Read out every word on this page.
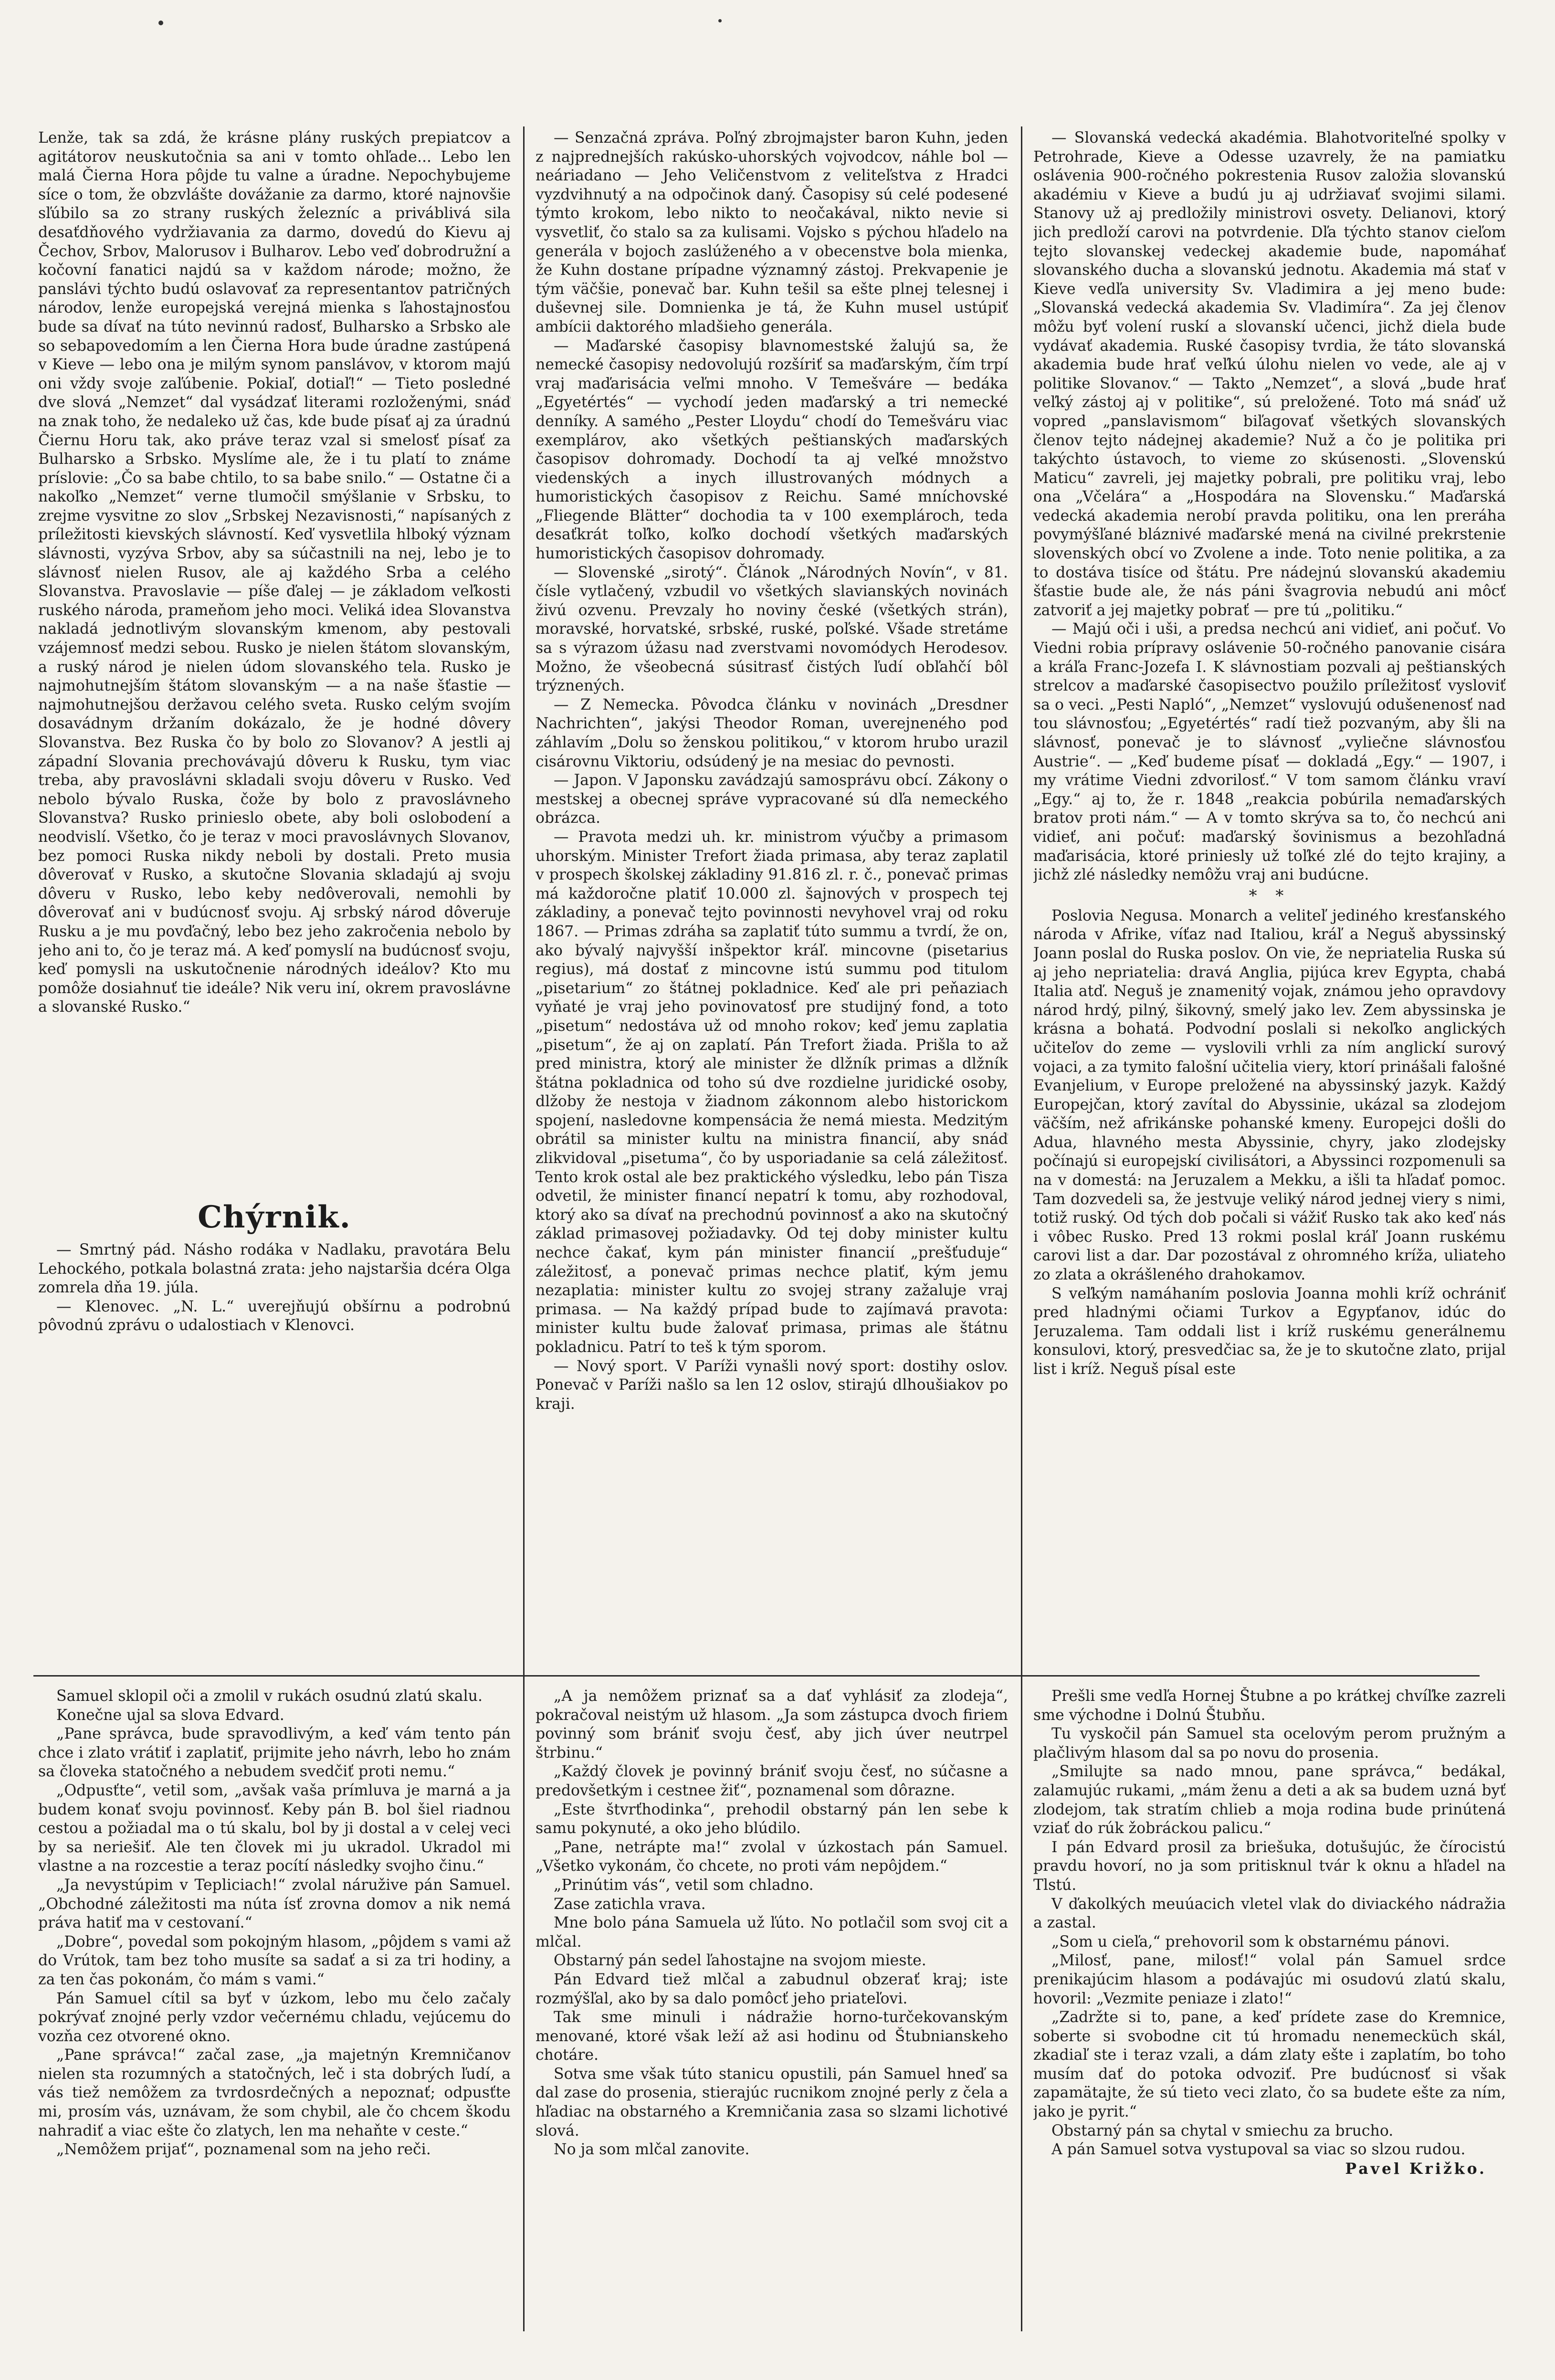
Lenže, tak sa zdá, že krásne plány ruských prepiatcov a agitátorov neuskutočnia sa ani v tomto ohľade... Lebo len malá Čierna Hora pôjde tu valne a úradne. Nepochybujeme síce o tom, že obzvlášte dovážanie za darmo, ktoré najnovšie sľúbilo sa zo strany ruských železníc a priváblivá sila desaťdňového vydržiavania za darmo, dovedú do Kievu aj Čechov, Srbov, Malorusov i Bulharov. Lebo veď dobrodružní a kočovní fanatici najdú sa v každom národe; možno, že panslávi týchto budú oslavovať za representantov patričných národov, lenže europejská verejná mienka s ľahostajnosťou bude sa dívať na túto nevinnú radosť, Bulharsko a Srbsko ale so sebapovedomím a len Čierna Hora bude úradne zastúpená v Kieve — lebo ona je milým synom panslávov, v ktorom majú oni vždy svoje zaľúbenie. Pokiaľ, dotiaľ!“ — Tieto posledné dve slová „Nemzet“ dal vysádzať literami rozloženými, snáď na znak toho, že nedaleko už čas, kde bude písať aj za úradnú Čiernu Horu tak, ako práve teraz vzal si smelosť písať za Bulharsko a Srbsko. Myslíme ale, že i tu platí to známe príslovie: „Čo sa babe chtilo, to sa babe snilo.“ — Ostatne či a nakoľko „Nemzet“ verne tlumočil smýšlanie v Srbsku, to zrejme vysvitne zo slov „Srbskej Nezavisnosti,“ napísaných z príležitosti kievských slávností. Keď vysvetlila hlboký význam slávnosti, vyzýva Srbov, aby sa súčastnili na nej, lebo je to slávnosť nielen Rusov, ale aj každého Srba a celého Slovanstva. Pravoslavie — píše ďalej — je základom veľkosti ruského národa, prameňom jeho moci. Veliká idea Slovanstva nakladá jednotlivým slovanským kmenom, aby pestovali vzájemnosť medzi sebou. Rusko je nielen štátom slovanským, a ruský národ je nielen údom slovanského tela. Rusko je najmohutnejším štátom slovanským — a na naše šťastie — najmohutnejšou deržavou celého sveta. Rusko celým svojím dosavádnym držaním dokázalo, že je hodné dôvery Slovanstva. Bez Ruska čo by bolo zo Slovanov? A jestli aj západní Slovania prechovávajú dôveru k Rusku, tym viac treba, aby pravoslávni skladali svoju dôveru v Rusko. Veď nebolo bývalo Ruska, čože by bolo z pravoslávneho Slovanstva? Rusko prinieslo obete, aby boli oslobodení a neodvislí. Všetko, čo je teraz v moci pravoslávnych Slovanov, bez pomoci Ruska nikdy neboli by dostali. Preto musia dôverovať v Rusko, a skutočne Slovania skladajú aj svoju dôveru v Rusko, lebo keby nedôverovali, nemohli by dôverovať ani v budúcnosť svoju. Aj srbský národ dôveruje Rusku a je mu povďačný, lebo bez jeho zakročenia nebolo by jeho ani to, čo je teraz má. A keď pomyslí na budúcnosť svoju, keď pomysli na uskutočnenie národných ideálov? Kto mu pomôže dosiahnuť tie ideále? Nik veru iní, okrem pravoslávne a slovanské Rusko.“

Chýrnik.

— Smrtný pád. Násho rodáka v Nadlaku, pravotára Belu Lehockého, potkala bolastná zrata: jeho najstaršia dcéra Olga zomrela dňa 19. júla.

— Klenovec. „N. L.“ uverejňujú obšírnu a podrobnú pôvodnú zprávu o udalostiach v Klenovci.

— Senzačná zpráva. Poľný zbrojmajster baron Kuhn, jeden z najprednejších rakúsko-uhorských vojvodcov, náhle bol — neáriadano — Jeho Veličenstvom z veliteľstva z Hradci vyzdvihnutý a na odpočinok daný. Časopisy sú celé podesené týmto krokom, lebo nikto to neočakával, nikto nevie si vysvetliť, čo stalo sa za kulisami. Vojsko s pýchou hľadelo na generála v bojoch zaslúženého a v obecenstve bola mienka, že Kuhn dostane prípadne významný zástoj. Prekvapenie je tým väčšie, ponevač bar. Kuhn tešil sa ešte plnej telesnej i duševnej sile. Domnienka je tá, že Kuhn musel ustúpiť ambícii daktorého mladšieho generála.

— Maďarské časopisy blavnomestské žalujú sa, že nemecké časopisy nedovolujú rozšíriť sa maďarským, čím trpí vraj maďarisácia veľmi mnoho. V Temešváre — bedáka „Egyetértés“ — vychodí jeden maďarský a tri nemecké denníky. A samého „Pester Lloydu“ chodí do Temešváru viac exemplárov, ako všetkých peštianských maďarských časopisov dohromady. Dochodí ta aj veľké množstvo viedenských a inych illustrovaných módnych a humoristických časopisov z Reichu. Samé mníchovské „Fliegende Blätter“ dochodia ta v 100 exemplároch, teda desaťkrát toľko, koľko dochodí všetkých maďarských humoristických časopisov dohromady.

— Slovenské „sirotý“. Článok „Národných Novín“, v 81. čísle vytlačený, vzbudil vo všetkých slavianských novinách živú ozvenu. Prevzaly ho noviny české (všetkých strán), moravské, horvatské, srbské, ruské, poľské. Všade stretáme sa s výrazom úžasu nad zverstvami novomódych Herodesov. Možno, že všeobecná súsitrasť čistých ľudí obľahčí bôľ trýznených.

— Z Nemecka. Pôvodca článku v novinách „Dresdner Nachrichten“, jakýsi Theodor Roman, uverejneného pod záhlavím „Dolu so ženskou politikou,“ v ktorom hrubo urazil cisárovnu Viktoriu, odsúdený je na mesiac do pevnosti.

— Japon. V Japonsku zavádzajú samosprávu obcí. Zákony o mestskej a obecnej správe vypracované sú dľa nemeckého obrázca.

— Pravota medzi uh. kr. ministrom výučby a primasom uhorským. Minister Trefort žiada primasa, aby teraz zaplatil v prospech školskej základiny 91.816 zl. r. č., ponevač primas má každoročne platiť 10.000 zl. šajnových v prospech tej základiny, a ponevač tejto povinnosti nevyhovel vraj od roku 1867. — Primas zdráha sa zaplatiť túto summu a tvrdí, že on, ako bývalý najvyšší inšpektor kráľ. mincovne (pisetarius regius), má dostať z mincovne istú summu pod titulom „pisetarium“ zo štátnej pokladnice. Keď ale pri peňaziach vyňaté je vraj jeho povinovatosť pre studijný fond, a toto „pisetum“ nedostáva už od mnoho rokov; keď jemu zaplatia „pisetum“, že aj on zaplatí. Pán Trefort žiada. Prišla to až pred ministra, ktorý ale minister že dlžník primas a dlžník štátna pokladnica od toho sú dve rozdielne juridické osoby, dlžoby že nestoja v žiadnom zákonnom alebo historickom spojení, nasledovne kompensácia že nemá miesta. Medzitým obrátil sa minister kultu na ministra financií, aby snáď zlikvidoval „pisetuma“, čo by usporiadanie sa celá záležitosť. Tento krok ostal ale bez praktického výsledku, lebo pán Tisza odvetil, že minister financí nepatrí k tomu, aby rozhodoval, ktorý ako sa dívať na prechodnú povinnosť a ako na skutočný základ primasovej požiadavky. Od tej doby minister kultu nechce čakať, kym pán minister financií „prešťuduje“ záležitosť, a ponevač primas nechce platiť, kým jemu nezaplatia: minister kultu zo svojej strany zažaluje vraj primasa. — Na každý prípad bude to zajímavá pravota: minister kultu bude žalovať primasa, primas ale štátnu pokladnicu. Patrí to teš k tým sporom.

— Nový sport. V Paríži vynašli nový sport: dostihy oslov. Ponevač v Paríži našlo sa len 12 oslov, stirajú dlhoušiakov po kraji.

— Slovanská vedecká akadémia. Blahotvoriteľné spolky v Petrohrade, Kieve a Odesse uzavrely, že na pamiatku oslávenia 900-ročného pokrestenia Rusov založia slovanskú akadémiu v Kieve a budú ju aj udržiavať svojimi silami. Stanovy už aj predložily ministrovi osvety. Delianovi, ktorý jich predloží carovi na potvrdenie. Dľa týchto stanov cieľom tejto slovanskej vedeckej akademie bude, napomáhať slovanského ducha a slovanskú jednotu. Akademia má stať v Kieve vedľa university Sv. Vladimira a jej meno bude: „Slovanská vedecká akademia Sv. Vladimíra“. Za jej členov môžu byť volení ruskí a slovanskí učenci, jichž diela bude vydávať akademia. Ruské časopisy tvrdia, že táto slovanská akademia bude hrať veľkú úlohu nielen vo vede, ale aj v politike Slovanov.“ — Takto „Nemzet“, a slová „bude hrať veľký zástoj aj v politike“, sú preložené. Toto má snáď už vopred „panslavismom“ biľagovať všetkých slovanských členov tejto nádejnej akademie? Nuž a čo je politika pri takýchto ústavoch, to vieme zo skúsenosti. „Slovenskú Maticu“ zavreli, jej majetky pobrali, pre politiku vraj, lebo ona „Včelára“ a „Hospodára na Slovensku.“ Maďarská vedecká akademia nerobí pravda politiku, ona len preráha povymýšľané bláznivé maďarské mená na civilné prekrstenie slovenských obcí vo Zvolene a inde. Toto nenie politika, a za to dostáva tisíce od štátu. Pre nádejnú slovanskú akademiu šťastie bude ale, že nás páni švagrovia nebudú ani môcť zatvoriť a jej majetky pobrať — pre tú „politiku.“

— Majú oči i uši, a predsa nechcú ani vidieť, ani počuť. Vo Viedni robia prípravy oslávenie 50-ročného panovanie cisára a kráľa Franc-Jozefa I. K slávnostiam pozvali aj peštianských strelcov a maďarské časopisectvo použilo príležitosť vysloviť sa o veci. „Pesti Napló“, „Nemzet“ vyslovujú odušenenosť nad tou slávnosťou; „Egyetértés“ radí tiež pozvaným, aby šli na slávnosť, ponevač je to slávnosť „vyliečne slávnosťou Austrie“. — „Keď budeme písať — dokladá „Egy.“ — 1907, i my vrátime Viedni zdvorilosť.“ V tom samom článku vraví „Egy.“ aj to, že r. 1848 „reakcia pobúrila nemaďarských bratov proti nám.“ — A v tomto skrýva sa to, čo nechcú ani vidieť, ani počuť: maďarský šovinismus a bezohľadná maďarisácia, ktoré priniesly už toľké zlé do tejto krajiny, a jichž zlé následky nemôžu vraj ani budúcne.

* *

Poslovia Negusa. Monarch a veliteľ jediného kresťanského národa v Afrike, víťaz nad Italiou, kráľ a Neguš abyssinský Joann poslal do Ruska poslov. On vie, že nepriatelia Ruska sú aj jeho nepriatelia: dravá Anglia, pijúca krev Egypta, chabá Italia atď. Neguš je znamenitý vojak, známou jeho opravdovy národ hrdý, pilný, šikovný, smelý jako lev. Zem abyssinska je krásna a bohatá. Podvodní poslali si nekoľko anglických učiteľov do zeme — vyslovili vrhli za ním anglickí surový vojaci, a za tymito falošní učitelia viery, ktorí prinášali falošné Evanjelium, v Europe preložené na abyssinský jazyk. Každý Europejčan, ktorý zavítal do Abyssinie, ukázal sa zlodejom väčším, než afrikánske pohanské kmeny. Europejci došli do Adua, hlavného mesta Abyssinie, chyry, jako zlodejsky počínajú si europejskí civilisátori, a Abyssinci rozpomenuli sa na v domestá: na Jeruzalem a Mekku, a išli ta hľadať pomoc. Tam dozvedeli sa, že jestvuje veliký národ jednej viery s nimi, totiž ruský. Od tých dob počali si vážiť Rusko tak ako keď nás i vôbec Rusko. Pred 13 rokmi poslal kráľ Joann ruskému carovi list a dar. Dar pozostával z ohromného kríža, uliateho zo zlata a okrášleného drahokamov.

S veľkým namáhaním poslovia Joanna mohli kríž ochrániť pred hladnými očiami Turkov a Egypťanov, idúc do Jeruzalema. Tam oddali list i kríž ruskému generálnemu konsulovi, ktorý, presvedčiac sa, že je to skutočne zlato, prijal list i kríž. Neguš písal este

Samuel sklopil oči a zmolil v rukách osudnú zlatú skalu.

Konečne ujal sa slova Edvard.

„Pane správca, bude spravodlivým, a keď vám tento pán chce i zlato vrátiť i zaplatiť, prijmite jeho návrh, lebo ho znám sa človeka statočného a nebudem svedčiť proti nemu.“

„Odpusťte“, vetil som, „avšak vaša prímluva je marná a ja budem konať svoju povinnosť. Keby pán B. bol šiel riadnou cestou a požiadal ma o tú skalu, bol by ji dostal a v celej veci by sa neriešiť. Ale ten človek mi ju ukradol. Ukradol mi vlastne a na rozcestie a teraz pocítí následky svojho činu.“

„Ja nevystúpim v Tepliciach!“ zvolal náružive pán Samuel. „Obchodné záležitosti ma núta ísť zrovna domov a nik nemá práva hatiť ma v cestovaní.“

„Dobre“, povedal som pokojným hlasom, „pôjdem s vami až do Vrútok, tam bez toho musíte sa sadať a si za tri hodiny, a za ten čas pokonám, čo mám s vami.“

Pán Samuel cítil sa byť v úzkom, lebo mu čelo začaly pokrývať znojné perly vzdor večernému chladu, vejúcemu do vozňa cez otvorené okno.

„Pane správca!“ začal zase, „ja majetnýn Kremničanov nielen sta rozumných a statočných, leč i sta dobrých ľudí, a vás tiež nemôžem za tvrdosrdečných a nepoznať; odpusťte mi, prosím vás, uznávam, že som chybil, ale čo chcem škodu nahradiť a viac ešte čo zlatych, len ma nehaňte v ceste.“

„Nemôžem prijať“, poznamenal som na jeho reči.

„A ja nemôžem priznať sa a dať vyhlásiť za zlodeja“, pokračoval neistým už hlasom. „Ja som zástupca dvoch firiem povinný som brániť svoju česť, aby jich úver neutrpel štrbinu.“

„Každý človek je povinný brániť svoju česť, no súčasne a predovšetkým i cestnee žiť“, poznamenal som dôrazne.

„Este štvrťhodinka“, prehodil obstarný pán len sebe k samu pokynuté, a oko jeho blúdilo.

„Pane, netrápte ma!“ zvolal v úzkostach pán Samuel. „Všetko vykonám, čo chcete, no proti vám nepôjdem.“

„Prinútim vás“, vetil som chladno.

Zase zatichla vrava.

Mne bolo pána Samuela už ľúto. No potlačil som svoj cit a mlčal.

Obstarný pán sedel ľahostajne na svojom mieste.

Pán Edvard tiež mlčal a zabudnul obzerať kraj; iste rozmýšľal, ako by sa dalo pomôcť jeho priateľovi.

Tak sme minuli i nádražie horno-turčekovanským menované, ktoré však leží až asi hodinu od Štubnianskeho chotáre.

Sotva sme však túto stanicu opustili, pán Samuel hneď sa dal zase do prosenia, stierajúc rucnikom znojné perly z čela a hľadiac na obstarného a Kremničania zasa so slzami lichotivé slová.

No ja som mlčal zanovite.

Prešli sme vedľa Hornej Štubne a po krátkej chvíľke zazreli sme východne i Dolnú Štubňu.

Tu vyskočil pán Samuel sta ocelovým perom pružným a plačlivým hlasom dal sa po novu do prosenia.

„Smilujte sa nado mnou, pane správca,“ bedákal, zalamujúc rukami, „mám ženu a deti a ak sa budem uzná byť zlodejom, tak stratím chlieb a moja rodina bude prinútená vziať do rúk žobráckou palicu.“

I pán Edvard prosil za briešuka, dotušujúc, že čírocistú pravdu hovorí, no ja som pritisknul tvár k oknu a hľadel na Tlstú.

V ďakolkých meuúacich vletel vlak do diviackého nádražia a zastal.

„Som u cieľa,“ prehovoril som k obstarnému pánovi.

„Milosť, pane, milosť!“ volal pán Samuel srdce prenikajúcim hlasom a podávajúc mi osudovú zlatú skalu, hovoril: „Vezmite peniaze i zlato!“

„Zadržte si to, pane, a keď prídete zase do Kremnice, soberte si svobodne cit tú hromadu nenemecküch skál, zkadiaľ ste i teraz vzali, a dám zlaty ešte i zaplatím, bo toho musím dať do potoka odvoziť. Pre budúcnosť si však zapamätajte, že sú tieto veci zlato, čo sa budete ešte za ním, jako je pyrit.“

Obstarný pán sa chytal v smiechu za brucho.

A pán Samuel sotva vystupoval sa viac so slzou rudou.

Pavel Križko.
